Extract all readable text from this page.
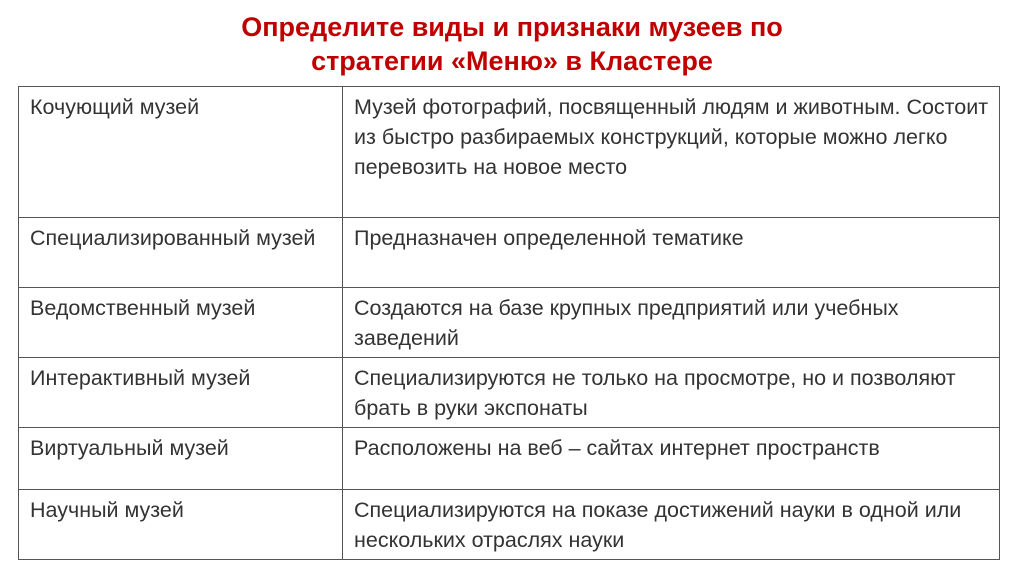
Определите виды и признаки музеев по
стратегии «Меню» в Кластере
Кочующий музей	Музей фотографий, посвященный людям и животным. Состоит из быстро разбираемых конструкций, которые можно легко перевозить на новое место
Специализированный музей	Предназначен определенной тематике
Ведомственный музей	Создаются на базе крупных предприятий или учебных заведений
Интерактивный музей	Специализируются не только на просмотре, но и позволяют брать в руки экспонаты
Виртуальный музей	Расположены на веб – сайтах интернет пространств
Научный музей	Специализируются на показе достижений науки в одной или нескольких отраслях науки
